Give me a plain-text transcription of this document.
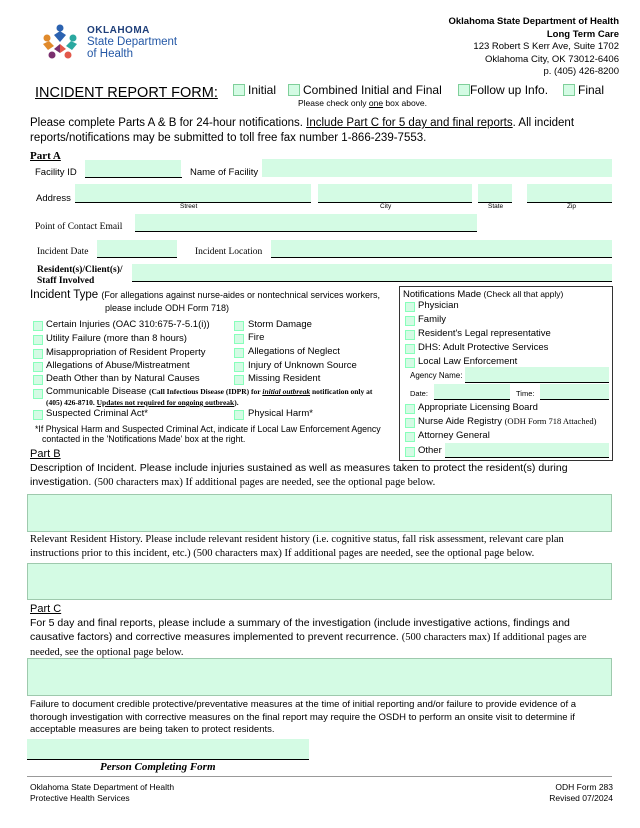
OKLAHOMA
State Department
of Health
Oklahoma State Department of Health
Long Term Care
123 Robert S Kerr Ave, Suite 1702
Oklahoma City, OK 73012-6406
p. (405) 426-8200
INCIDENT REPORT FORM:	Initial Combined Initial and Final Follow up Info. Final
Please check only one box above.
Please complete Parts A & B for 24-hour notifications. Include Part C for 5 day and final reports. All incident reports/notifications may be submitted to toll free fax number 1-866-239-7553.
Part A
Facility ID	Name of Facility
Address
Street	City	State	Zip
Point of Contact Email
Incident Date	Incident Location
Resident(s)/Client(s)/
Staff Involved
Incident Type (For allegations against nurse-aides or nontechnical services workers,
please include ODH Form 718)
Certain Injuries (OAC 310:675-7-5.1(i))
Utility Failure (more than 8 hours)
Misappropriation of Resident Property
Allegations of Abuse/Mistreatment
Death Other than by Natural Causes
Storm Damage
Fire
Allegations of Neglect
Injury of Unknown Source
Missing Resident
Communicable Disease (Call Infectious Disease (IDPR) for initial outbreak notification only at
(405) 426-8710. Updates not required for ongoing outbreak).
Suspected Criminal Act*	Physical Harm*
*If Physical Harm and Suspected Criminal Act, indicate if Local Law Enforcement Agency
contacted in the 'Notifications Made' box at the right.
Notifications Made (Check all that apply)
Physician
Family
Resident's Legal representative
DHS: Adult Protective Services
Local Law Enforcement
Agency Name:
Date:	Time:
Appropriate Licensing Board
Nurse Aide Registry (ODH Form 718 Attached)
Attorney General
Other
Part B
Description of Incident. Please include injuries sustained as well as measures taken to protect the resident(s) during investigation. (500 characters max) If additional pages are needed, see the optional page below.
Relevant Resident History. Please include relevant resident history (i.e. cognitive status, fall risk assessment, relevant care plan instructions prior to this incident, etc.) (500 characters max) If additional pages are needed, see the optional page below.
Part C
For 5 day and final reports, please include a summary of the investigation (include investigative actions, findings and causative factors) and corrective measures implemented to prevent recurrence. (500 characters max) If additional pages are needed, see the optional page below.
Failure to document credible protective/preventative measures at the time of initial reporting and/or failure to provide evidence of a thorough investigation with corrective measures on the final report may require the OSDH to perform an onsite visit to determine if acceptable measures are being taken to protect residents.
Person Completing Form
Oklahoma State Department of Health
Protective Health Services
ODH Form 283
Revised 07/2024
